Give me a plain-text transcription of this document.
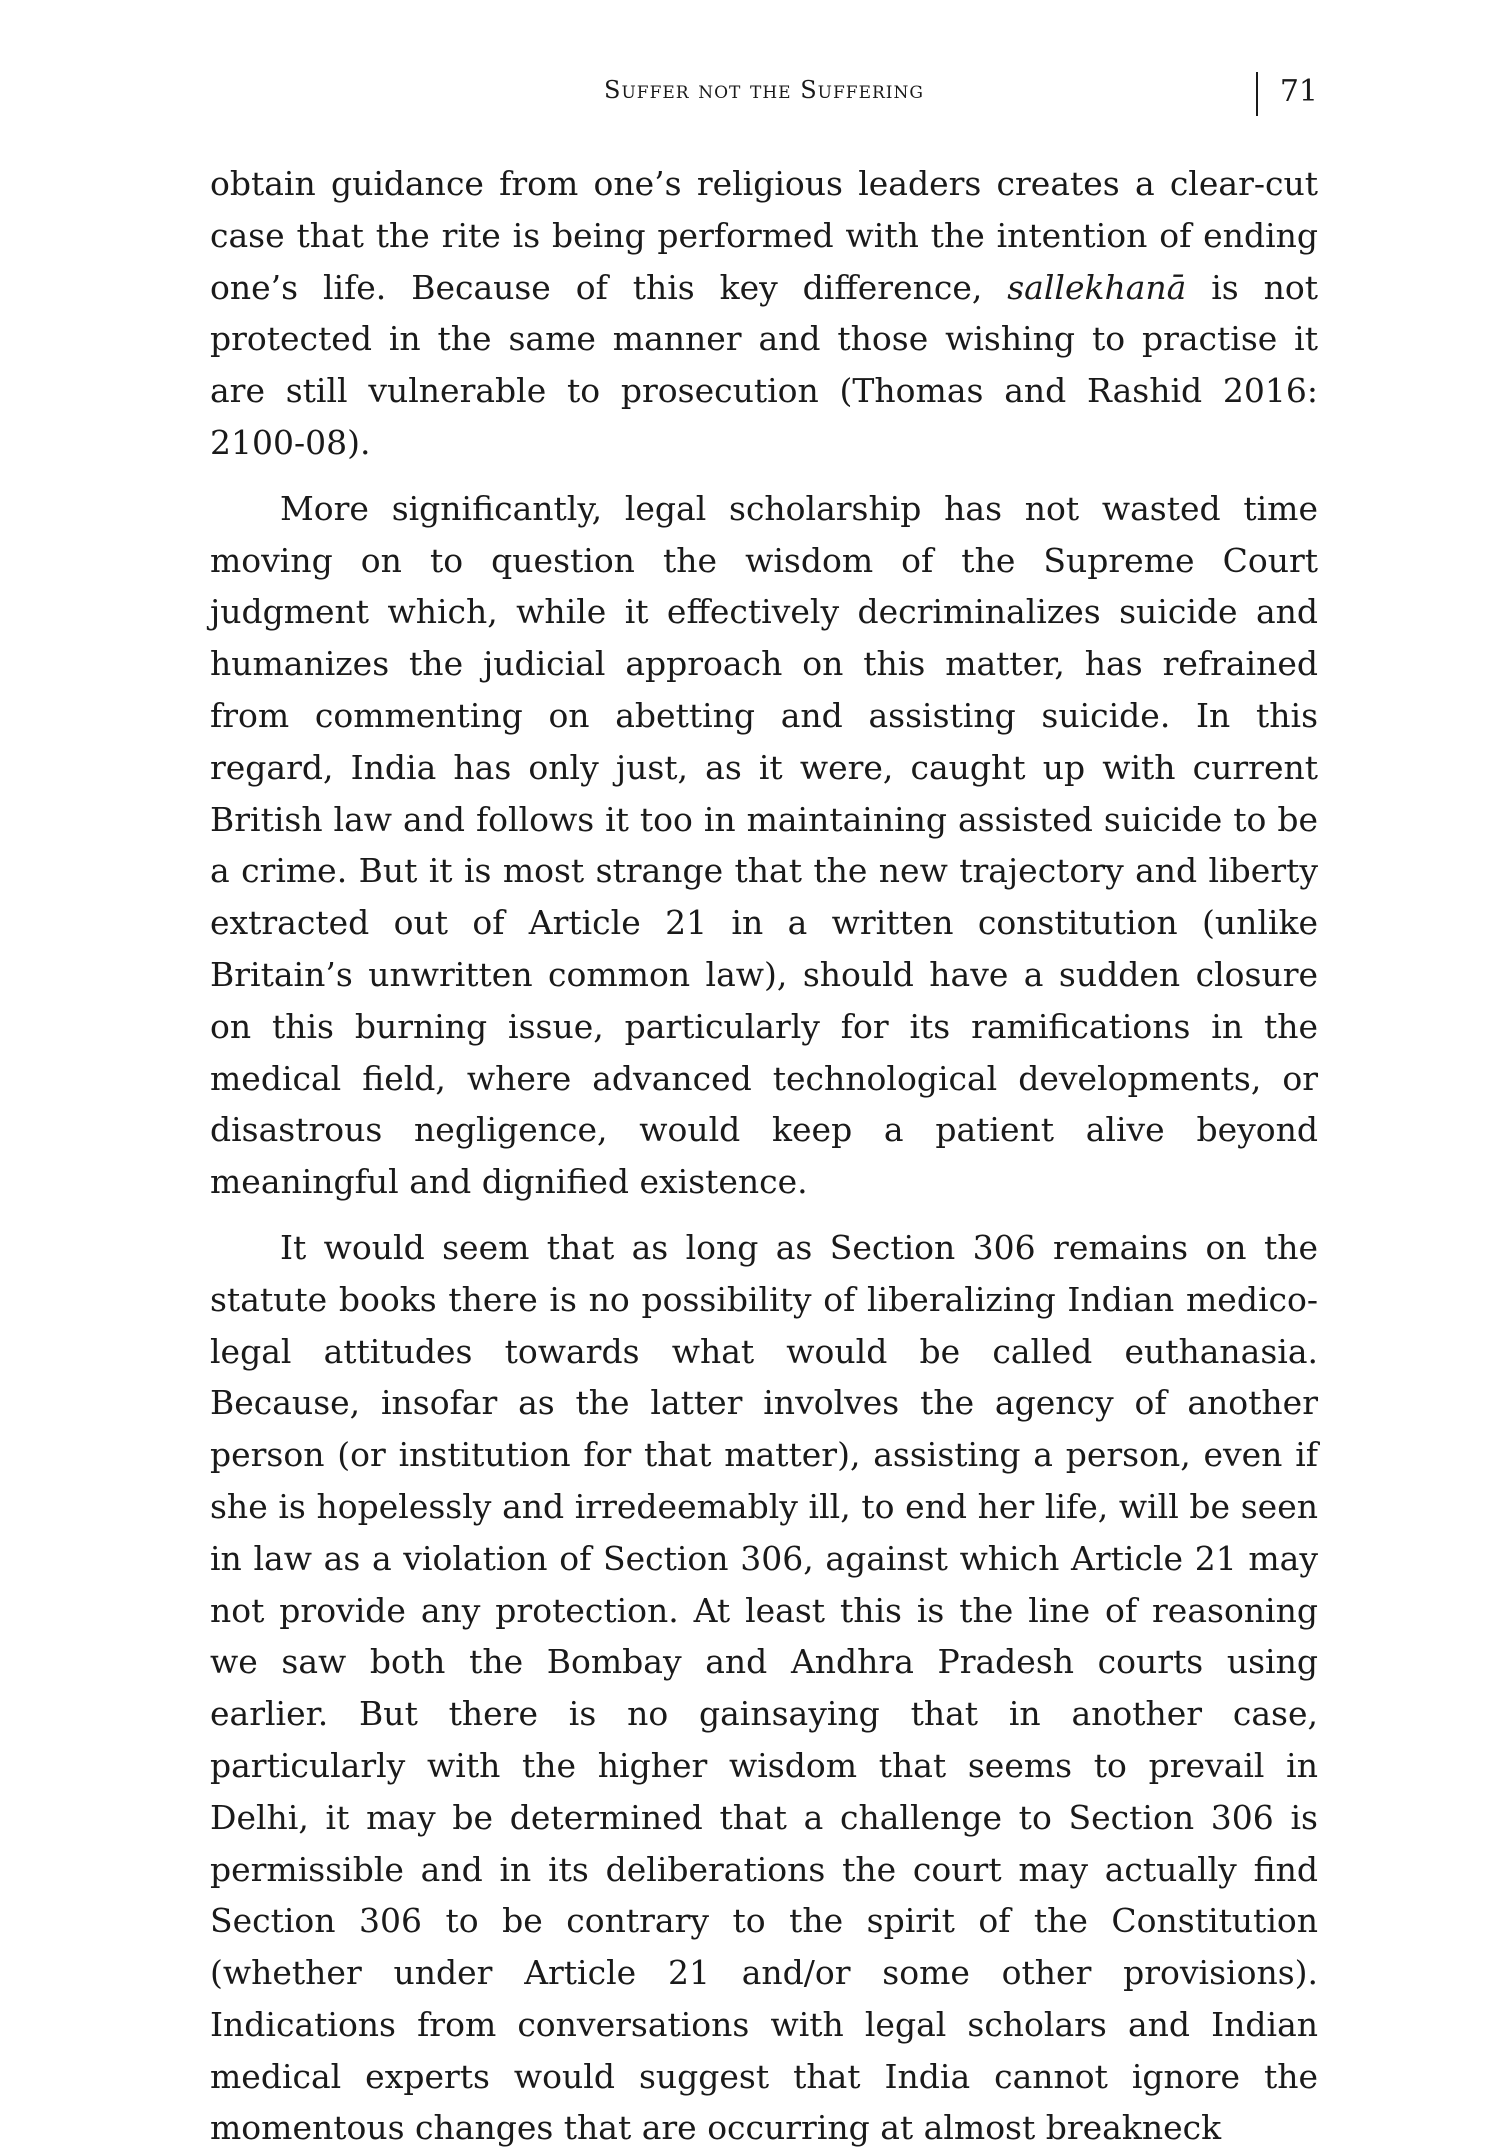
Suffer not the Suffering	71

obtain guidance from one’s religious leaders creates a clear-cut case that the rite is being performed with the intention of ending one’s life. Because of this key difference, sallekhanā is not protected in the same manner and those wishing to practise it are still vulnerable to prosecution (Thomas and Rashid 2016: 2100-08).

More significantly, legal scholarship has not wasted time moving on to question the wisdom of the Supreme Court judgment which, while it effectively decriminalizes suicide and humanizes the judicial approach on this matter, has refrained from commenting on abetting and assisting suicide. In this regard, India has only just, as it were, caught up with current British law and follows it too in maintaining assisted suicide to be a crime. But it is most strange that the new trajectory and liberty extracted out of Article 21 in a written constitution (unlike Britain’s unwritten common law), should have a sudden closure on this burning issue, particularly for its ramifications in the medical field, where advanced technological developments, or disastrous negligence, would keep a patient alive beyond meaningful and dignified existence.

It would seem that as long as Section 306 remains on the statute books there is no possibility of liberalizing Indian medico-legal attitudes towards what would be called euthanasia. Because, insofar as the latter involves the agency of another person (or institution for that matter), assisting a person, even if she is hopelessly and irredeemably ill, to end her life, will be seen in law as a violation of Section 306, against which Article 21 may not provide any protection. At least this is the line of reasoning we saw both the Bombay and Andhra Pradesh courts using earlier. But there is no gainsaying that in another case, particularly with the higher wisdom that seems to prevail in Delhi, it may be determined that a challenge to Section 306 is permissible and in its deliberations the court may actually find Section 306 to be contrary to the spirit of the Constitution (whether under Article 21 and/or some other provisions). Indications from conversations with legal scholars and Indian medical experts would suggest that India cannot ignore the momentous changes that are occurring at almost breakneck
